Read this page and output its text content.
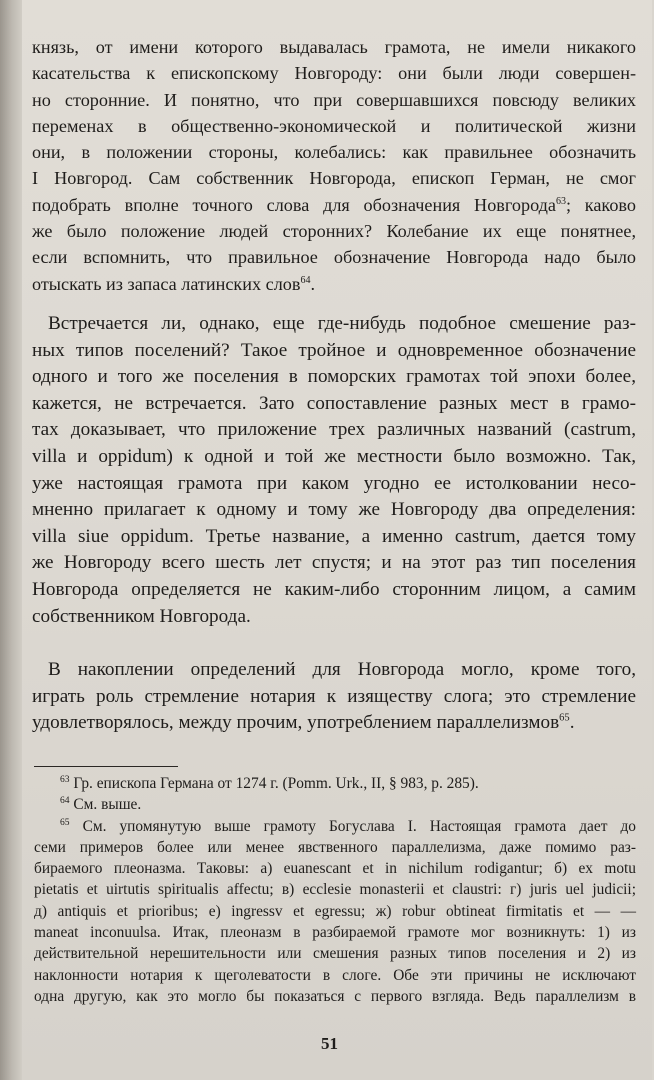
князь, от имени которого выдавалась грамота, не имели никакого
касательства к епископскому Новгороду: они были люди совершен-
но сторонние. И понятно, что при совершавшихся повсюду великих
переменах в общественно-экономической и политической жизни
они, в положении стороны, колебались: как правильнее обозначить
I Новгород. Сам собственник Новгорода, епископ Герман, не смог
подобрать вполне точного слова для обозначения Новгорода$^{63}$; каково
же было положение людей сторонних? Колебание их еще понятнее,
если вспомнить, что правильное обозначение Новгорода надо было
отыскать из запаса латинских слов$^{64}$.
Встречается ли, однако, еще где-нибудь подобное смешение раз-
ных типов поселений? Такое тройное и одновременное обозначение
одного и того же поселения в поморских грамотах той эпохи более,
кажется, не встречается. Зато сопоставление разных мест в грамо-
тах доказывает, что приложение трех различных названий (castrum,
villa и oppidum) к одной и той же местности было возможно. Так,
уже настоящая грамота при каком угодно ее истолковании несо-
мненно прилагает к одному и тому же Новгороду два определения:
villa siue oppidum. Третье название, а именно castrum, дается тому
же Новгороду всего шесть лет спустя; и на этот раз тип поселения
Новгорода определяется не каким-либо сторонним лицом, а самим
собственником Новгорода.
В накоплении определений для Новгорода могло, кроме того,
играть роль стремление нотария к изяществу слога; это стремление
удовлетворялось, между прочим, употреблением параллелизмов$^{65}$.
$^{63}$ Гр. епископа Германа от 1274 г. (Pomm. Urk., II, § 983, p. 285).
$^{64}$ См. выше.
$^{65}$ См. упомянутую выше грамоту Богуслава I. Настоящая грамота дает до
семи примеров более или менее явственного параллелизма, даже помимо раз-
бираемого плеоназма. Таковы: а) euanescant et in nichilum rodigantur; б) ex motu
pietatis et uirtutis spiritualis affectu; в) ecclesie monasterii et claustri: г) juris uel judicii;
д) antiquis et prioribus; е) ingressv et egressu; ж) robur obtineat firmitatis et — —
maneat inconuulsa. Итак, плеоназм в разбираемой грамоте мог возникнуть: 1) из
действительной нерешительности или смешения разных типов поселения и 2) из
наклонности нотария к щеголеватости в слоге. Обе эти причины не исключают
одна другую, как это могло бы показаться с первого взгляда. Ведь параллелизм в
51
